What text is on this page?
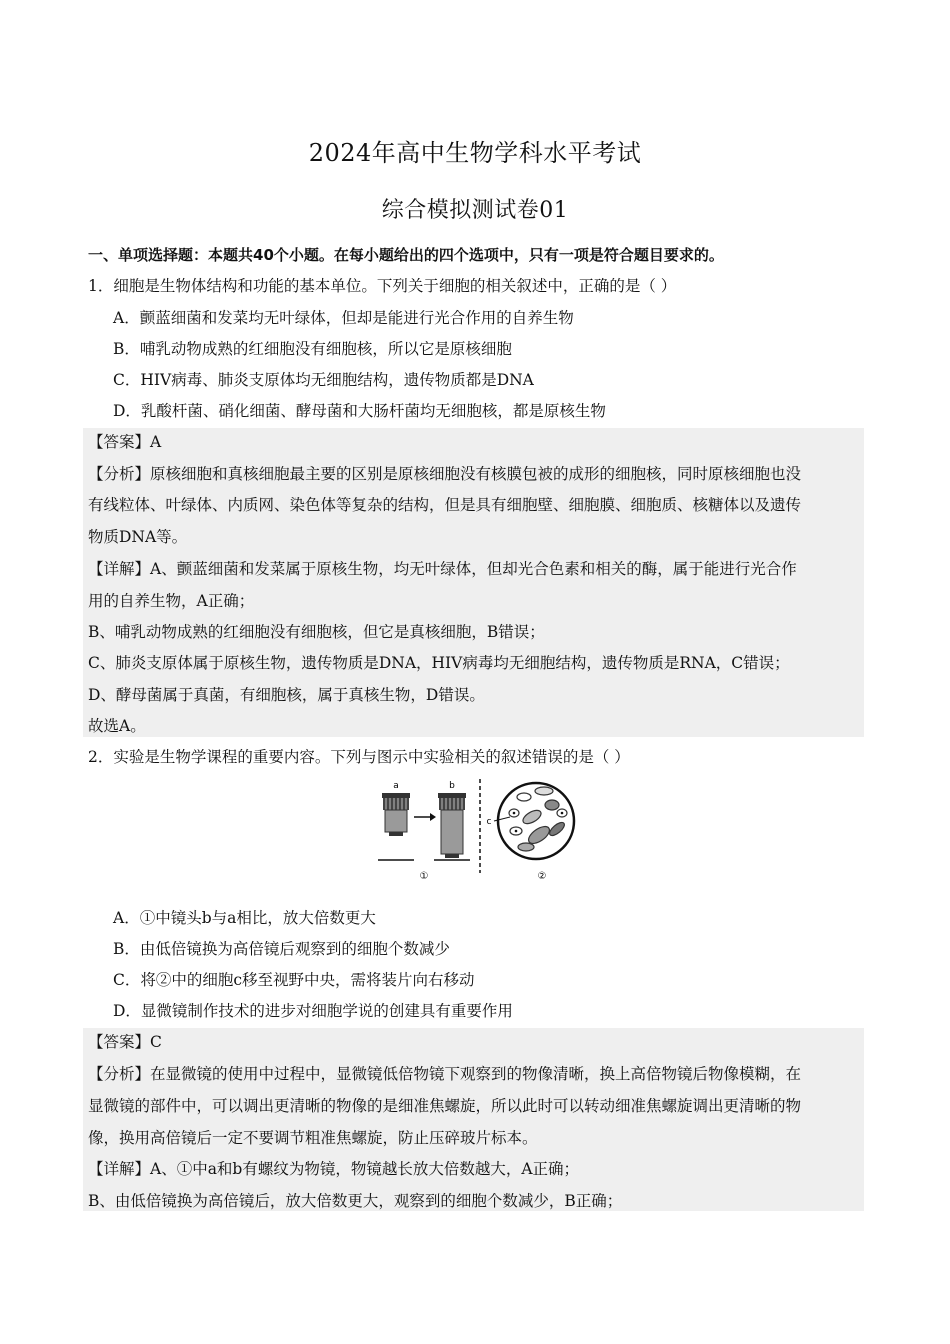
2024年高中生物学科水平考试
综合模拟测试卷01
一、单项选择题：本题共40个小题。在每小题给出的四个选项中，只有一项是符合题目要求的。
1．细胞是生物体结构和功能的基本单位。下列关于细胞的相关叙述中，正确的是（ ）
A．颤蓝细菌和发菜均无叶绿体，但却是能进行光合作用的自养生物
B．哺乳动物成熟的红细胞没有细胞核，所以它是原核细胞
C．HIV病毒、肺炎支原体均无细胞结构，遗传物质都是DNA
D．乳酸杆菌、硝化细菌、酵母菌和大肠杆菌均无细胞核，都是原核生物
【答案】A
【分析】原核细胞和真核细胞最主要的区别是原核细胞没有核膜包被的成形的细胞核，同时原核细胞也没
有线粒体、叶绿体、内质网、染色体等复杂的结构，但是具有细胞壁、细胞膜、细胞质、核糖体以及遗传
物质DNA等。
【详解】A、颤蓝细菌和发菜属于原核生物，均无叶绿体，但却光合色素和相关的酶，属于能进行光合作
用的自养生物，A正确；
B、哺乳动物成熟的红细胞没有细胞核，但它是真核细胞，B错误；
C、肺炎支原体属于原核生物，遗传物质是DNA，HIV病毒均无细胞结构，遗传物质是RNA，C错误；
D、酵母菌属于真菌，有细胞核，属于真核生物，D错误。
故选A。
2．实验是生物学课程的重要内容。下列与图示中实验相关的叙述错误的是（ ）
a	b
c
①	②
A．①中镜头b与a相比，放大倍数更大
B．由低倍镜换为高倍镜后观察到的细胞个数减少
C．将②中的细胞c移至视野中央，需将装片向右移动
D．显微镜制作技术的进步对细胞学说的创建具有重要作用
【答案】C
【分析】在显微镜的使用中过程中，显微镜低倍物镜下观察到的物像清晰，换上高倍物镜后物像模糊，在
显微镜的部件中，可以调出更清晰的物像的是细准焦螺旋，所以此时可以转动细准焦螺旋调出更清晰的物
像，换用高倍镜后一定不要调节粗准焦螺旋，防止压碎玻片标本。
【详解】A、①中a和b有螺纹为物镜，物镜越长放大倍数越大，A正确；
B、由低倍镜换为高倍镜后，放大倍数更大，观察到的细胞个数减少，B正确；
